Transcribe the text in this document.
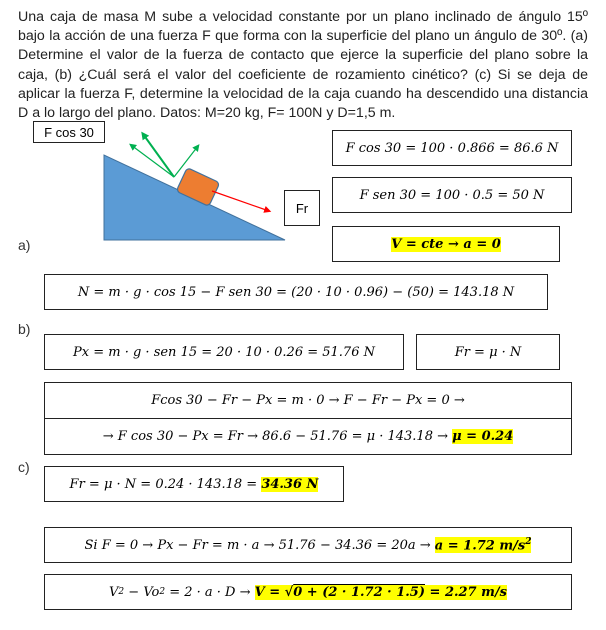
Una caja de masa M sube a velocidad constante por un plano inclinado de ángulo 15º bajo la acción de una fuerza F que forma con la superficie del plano un ángulo de 30º. (a) Determine el valor de la fuerza de contacto que ejerce la superficie del plano sobre la caja, (b) ¿Cuál será el valor del coeficiente de rozamiento cinético? (c) Si se deja de aplicar la fuerza F, determine la velocidad de la caja cuando ha descendido una distancia D a lo largo del plano. Datos: M=20 kg, F= 100N y D=1,5 m.
F cos 30
Fr
a)
b)
c)
F cos 30 = 100 · 0.866 = 86.6 N
F sen 30 = 100 · 0.5 = 50 N
V = cte → a = 0
N = m · g · cos 15 − F sen 30 = (20 · 10 · 0.96) − (50) = 143.18 N
Px = m · g · sen 15 = 20 · 10 · 0.26 = 51.76 N	Fr = μ · N
Fcos 30 − Fr − Px = m · 0 → F − Fr − Px = 0 →
→ F cos 30 − Px = Fr → 86.6 − 51.76 = μ · 143.18 → μ = 0.24
Fr = μ · N = 0.24 · 143.18 = 34.36 N
Si F = 0 → Px − Fr = m · a → 51.76 − 34.36 = 20a → a = 1.72 $m/s^2$
V 2 − Vo 2 = 2 · a · D → V = √0 + (2 · 1.72 · 1.5) = 2.27 m/s
